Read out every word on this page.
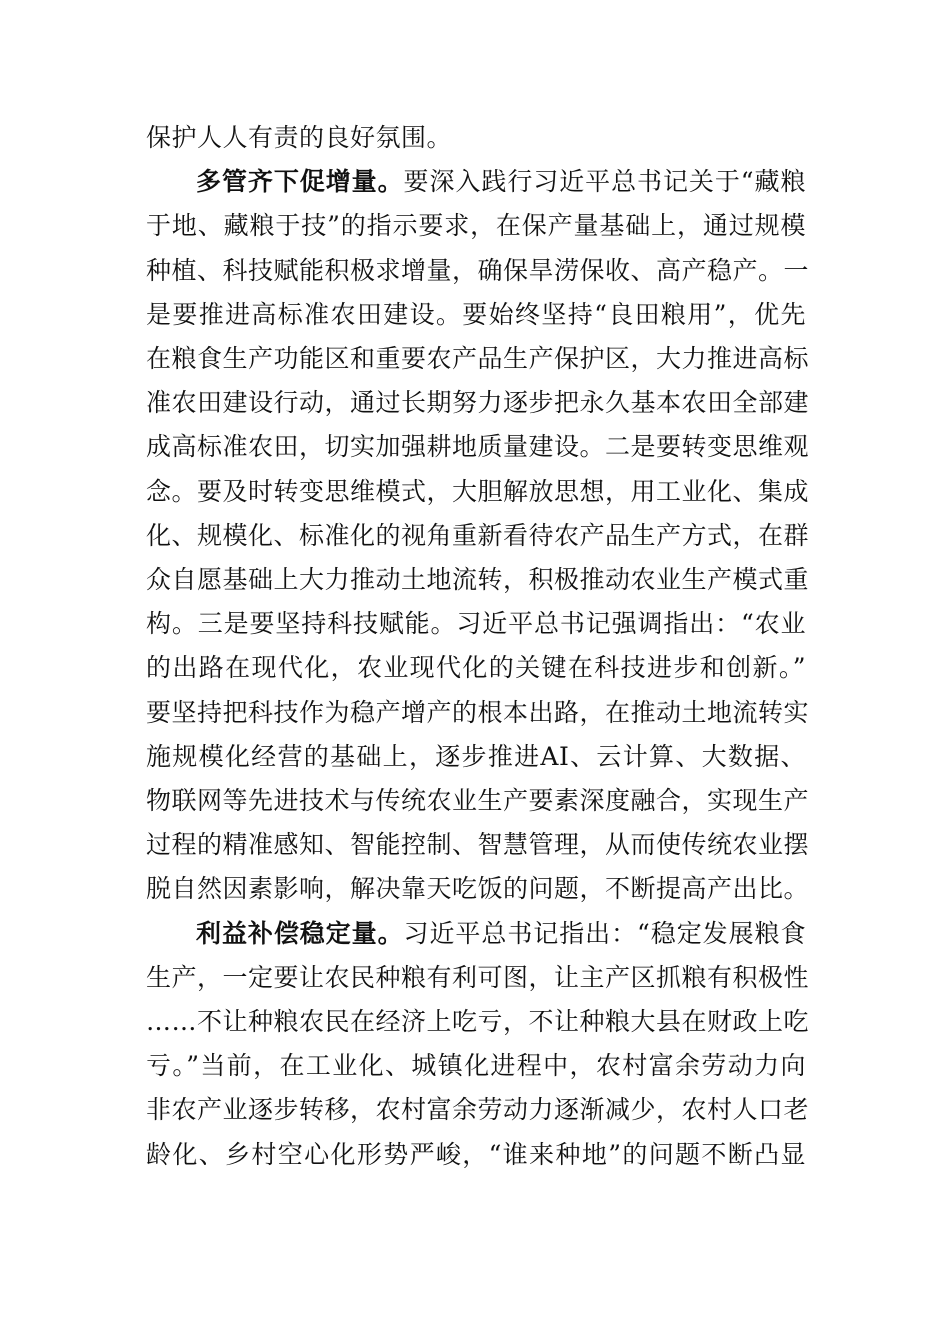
保护人人有责的良好氛围。
多管齐下促增量。要深入践行习近平总书记关于“藏粮
于地、藏粮于技”的指示要求，在保产量基础上，通过规模
种植、科技赋能积极求增量，确保旱涝保收、高产稳产。一
是要推进高标准农田建设。要始终坚持“良田粮用”，优先
在粮食生产功能区和重要农产品生产保护区，大力推进高标
准农田建设行动，通过长期努力逐步把永久基本农田全部建
成高标准农田，切实加强耕地质量建设。二是要转变思维观
念。要及时转变思维模式，大胆解放思想，用工业化、集成
化、规模化、标准化的视角重新看待农产品生产方式，在群
众自愿基础上大力推动土地流转，积极推动农业生产模式重
构。三是要坚持科技赋能。习近平总书记强调指出：“农业
的出路在现代化，农业现代化的关键在科技进步和创新。”
要坚持把科技作为稳产增产的根本出路，在推动土地流转实
施规模化经营的基础上，逐步推进AI、云计算、大数据、
物联网等先进技术与传统农业生产要素深度融合，实现生产
过程的精准感知、智能控制、智慧管理，从而使传统农业摆
脱自然因素影响，解决靠天吃饭的问题，不断提高产出比。
利益补偿稳定量。习近平总书记指出：“稳定发展粮食
生产，一定要让农民种粮有利可图，让主产区抓粮有积极性
……不让种粮农民在经济上吃亏，不让种粮大县在财政上吃
亏。”当前，在工业化、城镇化进程中，农村富余劳动力向
非农产业逐步转移，农村富余劳动力逐渐减少，农村人口老
龄化、乡村空心化形势严峻，“谁来种地”的问题不断凸显
